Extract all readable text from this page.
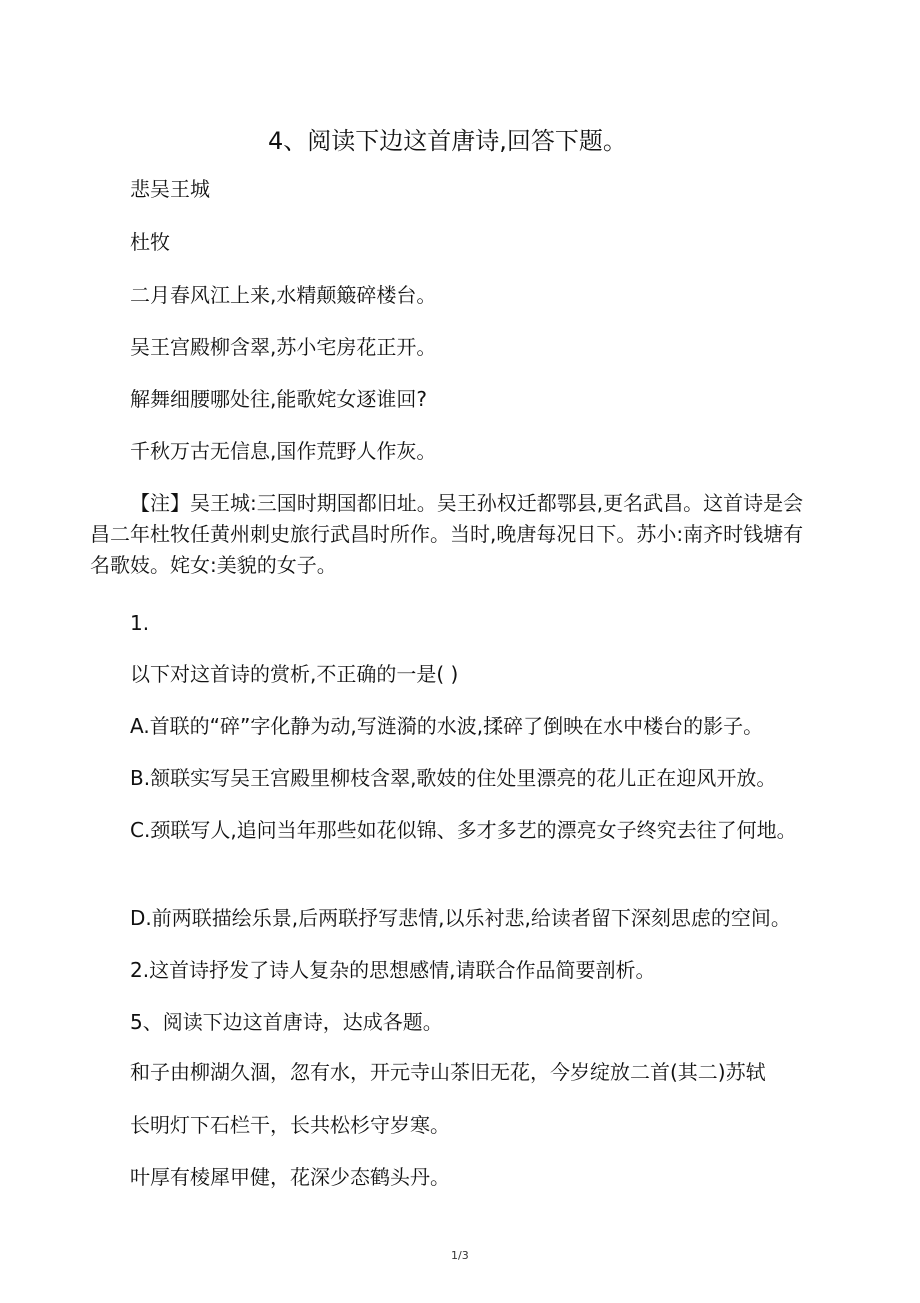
4、阅读下边这首唐诗,回答下题。

悲吴王城

杜牧

二月春风江上来,水精颠簸碎楼台。

吴王宫殿柳含翠,苏小宅房花正开。

解舞细腰哪处往,能歌姹女逐谁回?

千秋万古无信息,国作荒野人作灰。

【注】吴王城:三国时期国都旧址。吴王孙权迁都鄂县,更名武昌。这首诗是会昌二年杜牧任黄州刺史旅行武昌时所作。当时,晚唐每况日下。苏小:南齐时钱塘有名歌妓。姹女:美貌的女子。

1.

以下对这首诗的赏析,不正确的一是( )

A.首联的“碎”字化静为动,写涟漪的水波,揉碎了倒映在水中楼台的影子。

B.颔联实写吴王宫殿里柳枝含翠,歌妓的住处里漂亮的花儿正在迎风开放。

C.颈联写人,追问当年那些如花似锦、多才多艺的漂亮女子终究去往了何地。

D.前两联描绘乐景,后两联抒写悲情,以乐衬悲,给读者留下深刻思虑的空间。

2.这首诗抒发了诗人复杂的思想感情,请联合作品简要剖析。

5、阅读下边这首唐诗，达成各题。

和子由柳湖久涸，忽有水，开元寺山茶旧无花，今岁绽放二首(其二)苏轼

长明灯下石栏干，长共松杉守岁寒。

叶厚有棱犀甲健，花深少态鹤头丹。

1/3
